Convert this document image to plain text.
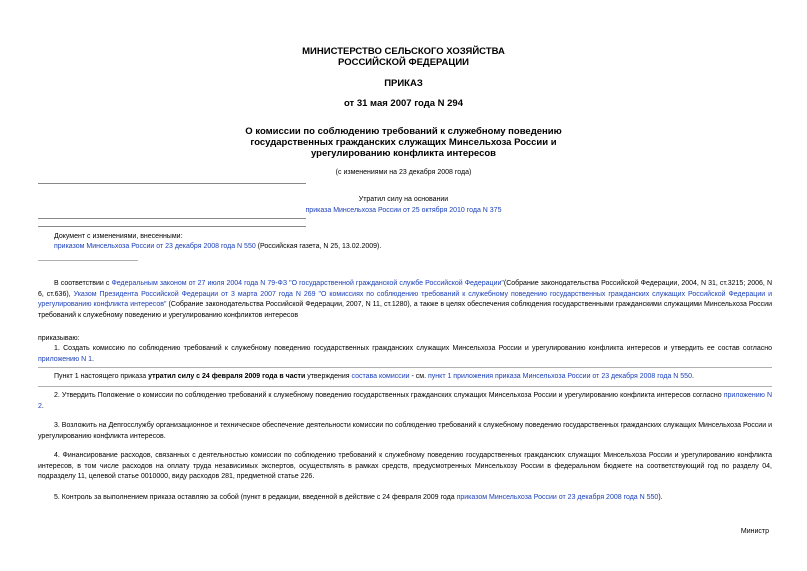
МИНИСТЕРСТВО СЕЛЬСКОГО ХОЗЯЙСТВА
РОССИЙСКОЙ ФЕДЕРАЦИИ
ПРИКАЗ
от 31 мая 2007 года N 294
О комиссии по соблюдению требований к служебному поведению
государственных гражданских служащих Минсельхоза России и
урегулированию конфликта интересов
(с изменениями на 23 декабря 2008 года)
Утратил силу на основании
приказа Минсельхоза России от 25 октября 2010 года N 375
Документ с изменениями, внесенными:
приказом Минсельхоза России от 23 декабря 2008 года N 550 (Российская газета, N 25, 13.02.2009).
В соответствии с Федеральным законом от 27 июля 2004 года N 79-ФЗ "О государственной гражданской службе Российской Федерации"(Собрание законодательства Российской Федерации, 2004, N 31, ст.3215; 2006, N 6, ст.636), Указом Президента Российской Федерации от 3 марта 2007 года N 269 "О комиссиях по соблюдению требований к служебному поведению государственных гражданских служащих Российской Федерации и урегулированию конфликта интересов" (Собрание законодательства Российской Федерации, 2007, N 11, ст.1280), а также в целях обеспечения соблюдения государственными гражданскими служащими Минсельхоза России требований к служебному поведению и урегулированию конфликтов интересов
приказываю:
1. Создать комиссию по соблюдению требований к служебному поведению государственных гражданских служащих Минсельхоза России и урегулированию конфликта интересов и утвердить ее состав согласно приложению N 1.
Пункт 1 настоящего приказа утратил силу с 24 февраля 2009 года в части утверждения состава комиссии - см. пункт 1 приложения приказа Минсельхоза России от 23 декабря 2008 года N 550.
2. Утвердить Положение о комиссии по соблюдению требований к служебному поведению государственных гражданских служащих Минсельхоза России и урегулированию конфликта интересов согласно приложению N 2.
3. Возложить на Депгосслужбу организационное и техническое обеспечение деятельности комиссии по соблюдению требований к служебному поведению государственных гражданских служащих Минсельхоза России и урегулированию конфликта интересов.
4. Финансирование расходов, связанных с деятельностью комиссии по соблюдению требований к служебному поведению государственных гражданских служащих Минсельхоза России и урегулированию конфликта интересов, в том числе расходов на оплату труда независимых экспертов, осуществлять в рамках средств, предусмотренных Минсельхозу России в федеральном бюджете на соответствующий год по разделу 04, подразделу 11, целевой статье 0010000, виду расходов 281, предметной статье 226.
5. Контроль за выполнением приказа оставляю за собой (пункт в редакции, введенной в действие с 24 февраля 2009 года приказом Минсельхоза России от 23 декабря 2008 года N 550).
Министр
